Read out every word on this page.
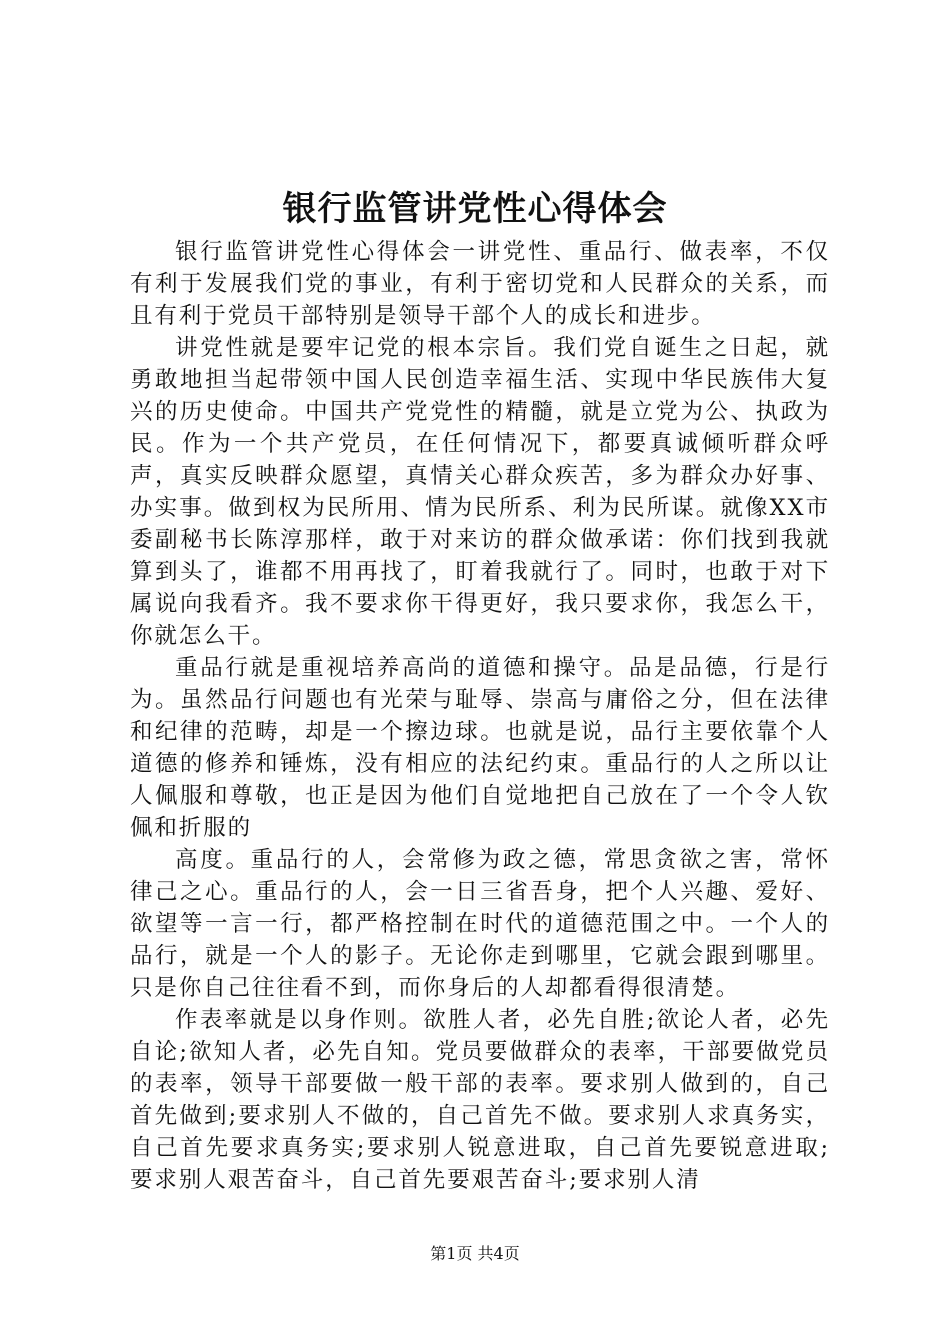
银行监管讲党性心得体会

银行监管讲党性心得体会一讲党性、重品行、做表率，不仅有利于发展我们党的事业，有利于密切党和人民群众的关系，而且有利于党员干部特别是领导干部个人的成长和进步。

讲党性就是要牢记党的根本宗旨。我们党自诞生之日起，就勇敢地担当起带领中国人民创造幸福生活、实现中华民族伟大复兴的历史使命。中国共产党党性的精髓，就是立党为公、执政为民。作为一个共产党员，在任何情况下，都要真诚倾听群众呼声，真实反映群众愿望，真情关心群众疾苦，多为群众办好事、办实事。做到权为民所用、情为民所系、利为民所谋。就像XX市委副秘书长陈淳那样，敢于对来访的群众做承诺：你们找到我就算到头了，谁都不用再找了，盯着我就行了。同时，也敢于对下属说向我看齐。我不要求你干得更好，我只要求你，我怎么干，你就怎么干。

重品行就是重视培养高尚的道德和操守。品是品德，行是行为。虽然品行问题也有光荣与耻辱、崇高与庸俗之分，但在法律和纪律的范畴，却是一个擦边球。也就是说，品行主要依靠个人道德的修养和锤炼，没有相应的法纪约束。重品行的人之所以让人佩服和尊敬，也正是因为他们自觉地把自己放在了一个令人钦佩和折服的

高度。重品行的人，会常修为政之德，常思贪欲之害，常怀律己之心。重品行的人，会一日三省吾身，把个人兴趣、爱好、欲望等一言一行，都严格控制在时代的道德范围之中。一个人的品行，就是一个人的影子。无论你走到哪里，它就会跟到哪里。只是你自己往往看不到，而你身后的人却都看得很清楚。

作表率就是以身作则。欲胜人者，必先自胜;欲论人者，必先自论;欲知人者，必先自知。党员要做群众的表率，干部要做党员的表率，领导干部要做一般干部的表率。要求别人做到的，自己首先做到;要求别人不做的，自己首先不做。要求别人求真务实，自己首先要求真务实;要求别人锐意进取，自己首先要锐意进取;要求别人艰苦奋斗，自己首先要艰苦奋斗;要求别人清

第1页 共4页
